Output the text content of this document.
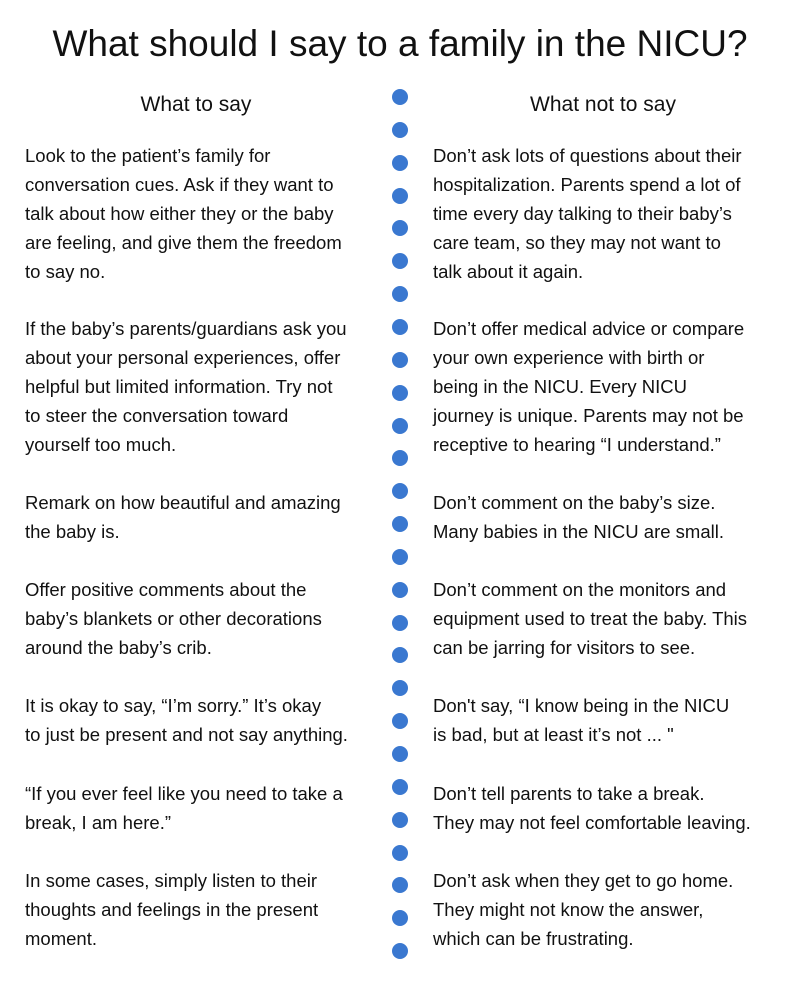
What should I say to a family in the NICU?
What to say	What not to say
Look to the patient’s family for
conversation cues. Ask if they want to
talk about how either they or the baby
are feeling, and give them the freedom
to say no.
If the baby’s parents/guardians ask you
about your personal experiences, offer
helpful but limited information. Try not
to steer the conversation toward
yourself too much.
Remark on how beautiful and amazing
the baby is.
Offer positive comments about the
baby’s blankets or other decorations
around the baby’s crib.
It is okay to say, “I’m sorry.” It’s okay
to just be present and not say anything.
“If you ever feel like you need to take a
break, I am here.”
In some cases, simply listen to their
thoughts and feelings in the present
moment.
Don’t ask lots of questions about their
hospitalization. Parents spend a lot of
time every day talking to their baby’s
care team, so they may not want to
talk about it again.
Don’t offer medical advice or compare
your own experience with birth or
being in the NICU. Every NICU
journey is unique. Parents may not be
receptive to hearing “I understand.”
Don’t comment on the baby’s size.
Many babies in the NICU are small.
Don’t comment on the monitors and
equipment used to treat the baby. This
can be jarring for visitors to see.
Don't say, “I know being in the NICU
is bad, but at least it’s not ... "
Don’t tell parents to take a break.
They may not feel comfortable leaving.
Don’t ask when they get to go home.
They might not know the answer,
which can be frustrating.
